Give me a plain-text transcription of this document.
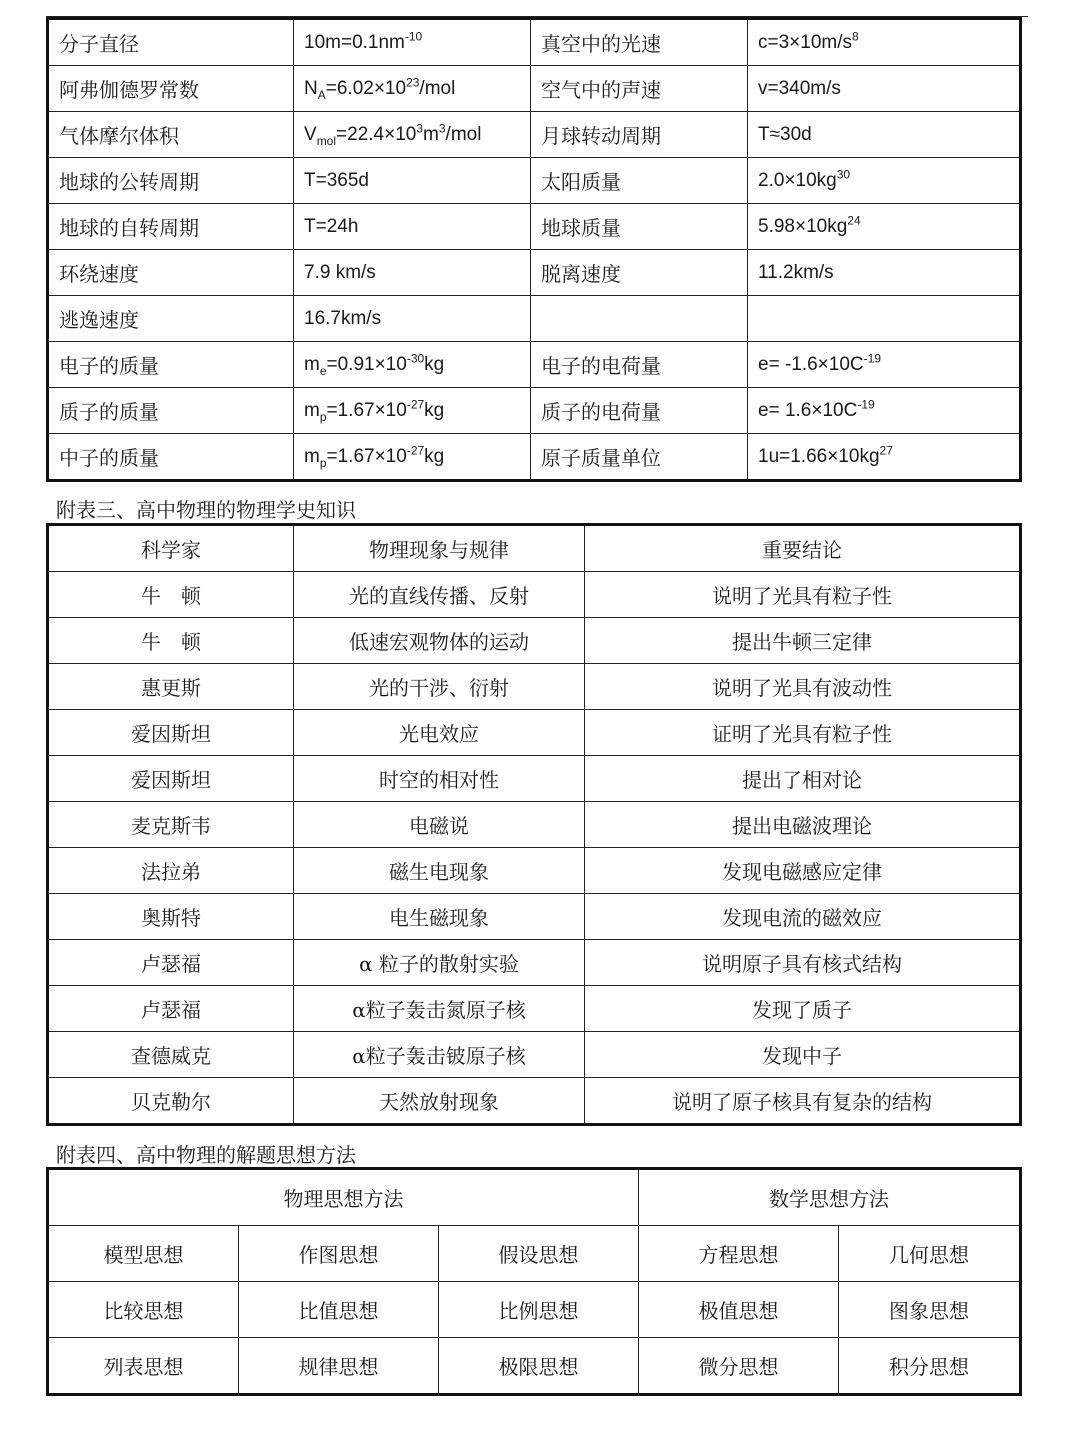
分子直径	$10m=0.1nm^{-10}$	真空中的光速	$c=3\times 10m/s^8$
阿弗伽德罗常数	$N_A=6.02\times 10^{23}$/mol	空气中的声速	v=340m/s
气体摩尔体积	$V_{mol}=22.4\times 10^3m^3$/mol	月球转动周期	T≈30d
地球的公转周期	T=365d	太阳质量	$2.0\times 10kg^{30}$
地球的自转周期	T=24h	地球质量	$5.98\times 10kg^{24}$
环绕速度	7.9 km/s	脱离速度	11.2km/s
逃逸速度	16.7km/s		
电子的质量	$m_e=0.91\times 10^{-30}kg$	电子的电荷量	$e= -1.6\times 10C^{-19}$
质子的质量	$m_p=1.67\times 10^{-27}kg$	质子的电荷量	$e= 1.6\times 10C^{-19}$
中子的质量	$m_p=1.67\times 10^{-27}kg$	原子质量单位	$1u=1.66\times 10kg^{27}$
附表三、高中物理的物理学史知识
科学家	物理现象与规律	重要结论
牛　顿	光的直线传播、反射	说明了光具有粒子性
牛　顿	低速宏观物体的运动	提出牛顿三定律
惠更斯	光的干涉、衍射	说明了光具有波动性
爱因斯坦	光电效应	证明了光具有粒子性
爱因斯坦	时空的相对性	提出了相对论
麦克斯韦	电磁说	提出电磁波理论
法拉弟	磁生电现象	发现电磁感应定律
奥斯特	电生磁现象	发现电流的磁效应
卢瑟福	α 粒子的散射实验	说明原子具有核式结构
卢瑟福	α粒子轰击氮原子核	发现了质子
查德威克	α粒子轰击铍原子核	发现中子
贝克勒尔	天然放射现象	说明了原子核具有复杂的结构
附表四、高中物理的解题思想方法
物理思想方法			数学思想方法	
模型思想	作图思想	假设思想	方程思想	几何思想
比较思想	比值思想	比例思想	极值思想	图象思想
列表思想	规律思想	极限思想	微分思想	积分思想
